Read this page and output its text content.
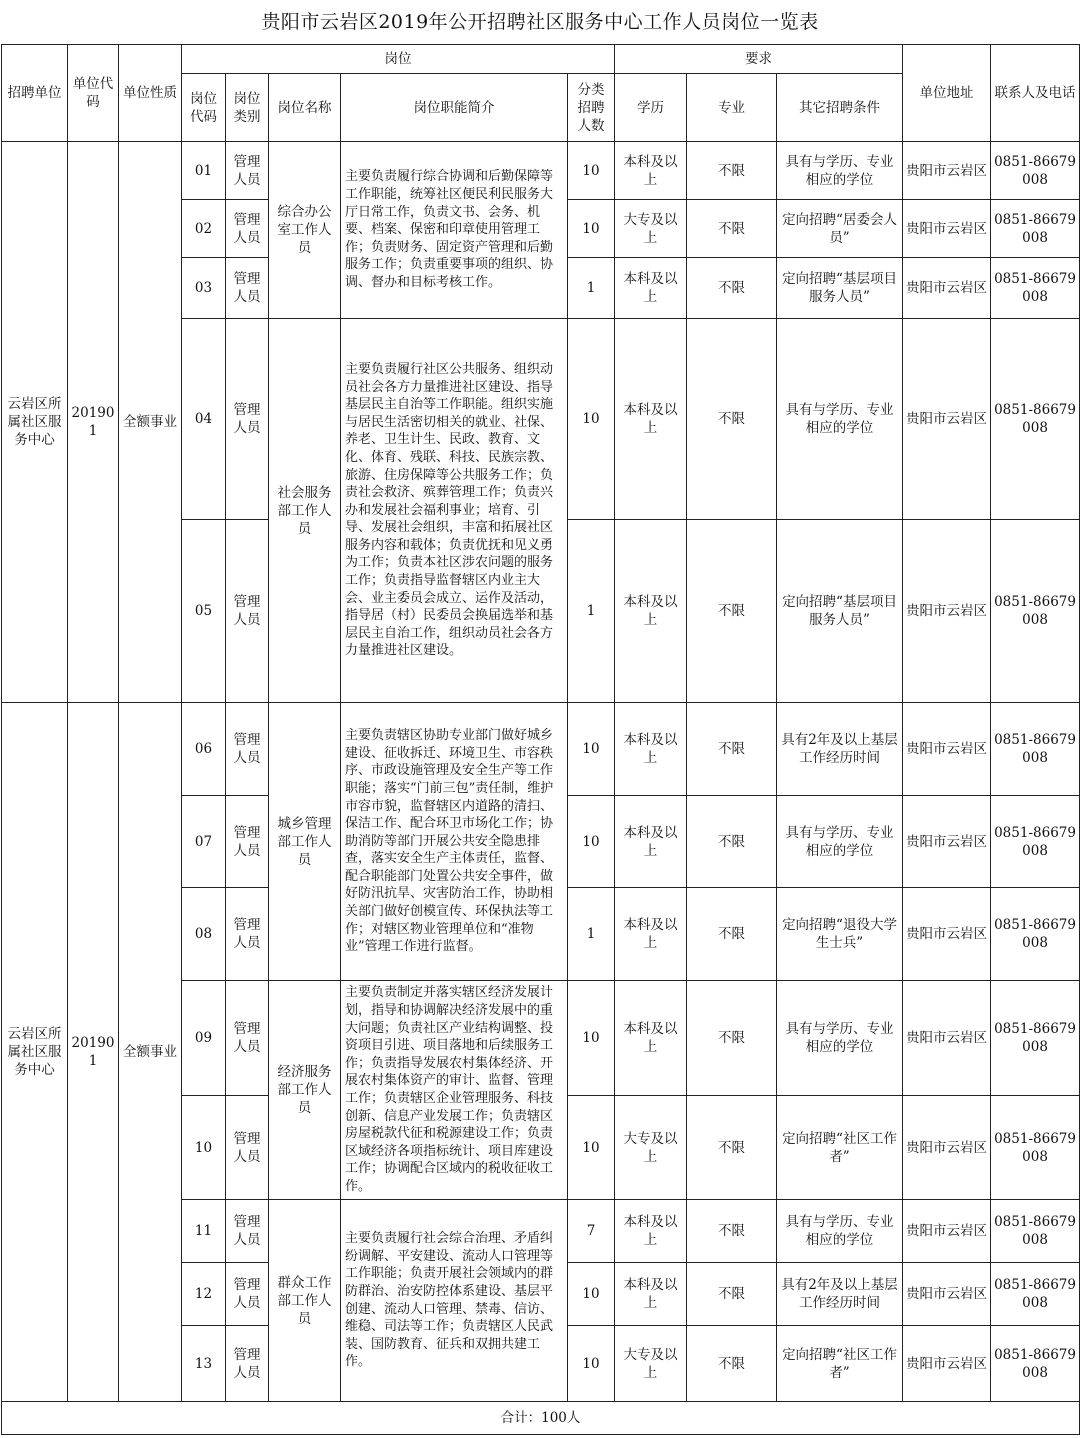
贵阳市云岩区2019年公开招聘社区服务中心工作人员岗位一览表
招聘单位	单位代码	单位性质	岗位					要求			单位地址	联系人及电话
			岗位代码	岗位类别	岗位名称	岗位职能简介	分类招聘人数	学历	专业	其它招聘条件		
云岩区所属社区服务中心	201901	全额事业	01	管理人员	综合办公室工作人员	主要负责履行综合协调和后勤保障等工作职能，统筹社区便民利民服务大厅日常工作，负责文书、会务、机要、档案、保密和印章使用管理工作；负责财务、固定资产管理和后勤服务工作；负责重要事项的组织、协调、督办和目标考核工作。	10	本科及以上	不限	具有与学历、专业相应的学位	贵阳市云岩区	0851-86679008
			02	管理人员			10	大专及以上	不限	定向招聘“居委会人员”	贵阳市云岩区	0851-86679008
			03	管理人员			1	本科及以上	不限	定向招聘“基层项目服务人员”	贵阳市云岩区	0851-86679008
			04	管理人员	社会服务部工作人员	主要负责履行社区公共服务、组织动员社会各方力量推进社区建设、指导基层民主自治等工作职能。组织实施与居民生活密切相关的就业、社保、养老、卫生计生、民政、教育、文化、体育、残联、科技、民族宗教、旅游、住房保障等公共服务工作；负责社会救济、殡葬管理工作；负责兴办和发展社会福利事业；培育、引导、发展社会组织，丰富和拓展社区服务内容和载体；负责优抚和见义勇为工作；负责本社区涉农问题的服务工作；负责指导监督辖区内业主大会、业主委员会成立、运作及活动，指导居（村）民委员会换届选举和基层民主自治工作，组织动员社会各方力量推进社区建设。	10	本科及以上	不限	具有与学历、专业相应的学位	贵阳市云岩区	0851-86679008
			05	管理人员			1	本科及以上	不限	定向招聘“基层项目服务人员”	贵阳市云岩区	0851-86679008
云岩区所属社区服务中心	201901	全额事业	06	管理人员	城乡管理部工作人员	主要负责辖区协助专业部门做好城乡建设、征收拆迁、环境卫生、市容秩序、市政设施管理及安全生产等工作职能；落实“门前三包”责任制，维护市容市貌，监督辖区内道路的清扫、保洁工作、配合环卫市场化工作；协助消防等部门开展公共安全隐患排查，落实安全生产主体责任，监督、配合职能部门处置公共安全事件，做好防汛抗旱、灾害防治工作，协助相关部门做好创模宣传、环保执法等工作；对辖区物业管理单位和“准物业”管理工作进行监督。	10	本科及以上	不限	具有2年及以上基层工作经历时间	贵阳市云岩区	0851-86679008
			07	管理人员			10	本科及以上	不限	具有与学历、专业相应的学位	贵阳市云岩区	0851-86679008
			08	管理人员			1	本科及以上	不限	定向招聘“退役大学生士兵”	贵阳市云岩区	0851-86679008
			09	管理人员	经济服务部工作人员	主要负责制定并落实辖区经济发展计划，指导和协调解决经济发展中的重大问题；负责社区产业结构调整、投资项目引进、项目落地和后续服务工作；负责指导发展农村集体经济、开展农村集体资产的审计、监督、管理工作；负责辖区企业管理服务、科技创新、信息产业发展工作；负责辖区房屋税款代征和税源建设工作；负责区域经济各项指标统计、项目库建设工作；协调配合区域内的税收征收工作。	10	本科及以上	不限	具有与学历、专业相应的学位	贵阳市云岩区	0851-86679008
			10	管理人员			10	大专及以上	不限	定向招聘“社区工作者”	贵阳市云岩区	0851-86679008
			11	管理人员	群众工作部工作人员	主要负责履行社会综合治理、矛盾纠纷调解、平安建设、流动人口管理等工作职能；负责开展社会领域内的群防群治、治安防控体系建设、基层平创建、流动人口管理、禁毒、信访、维稳、司法等工作；负责辖区人民武装、国防教育、征兵和双拥共建工作。	7	本科及以上	不限	具有与学历、专业相应的学位	贵阳市云岩区	0851-86679008
			12	管理人员			10	本科及以上	不限	具有2年及以上基层工作经历时间	贵阳市云岩区	0851-86679008
			13	管理人员			10	大专及以上	不限	定向招聘“社区工作者”	贵阳市云岩区	0851-86679008
合计：100人												
